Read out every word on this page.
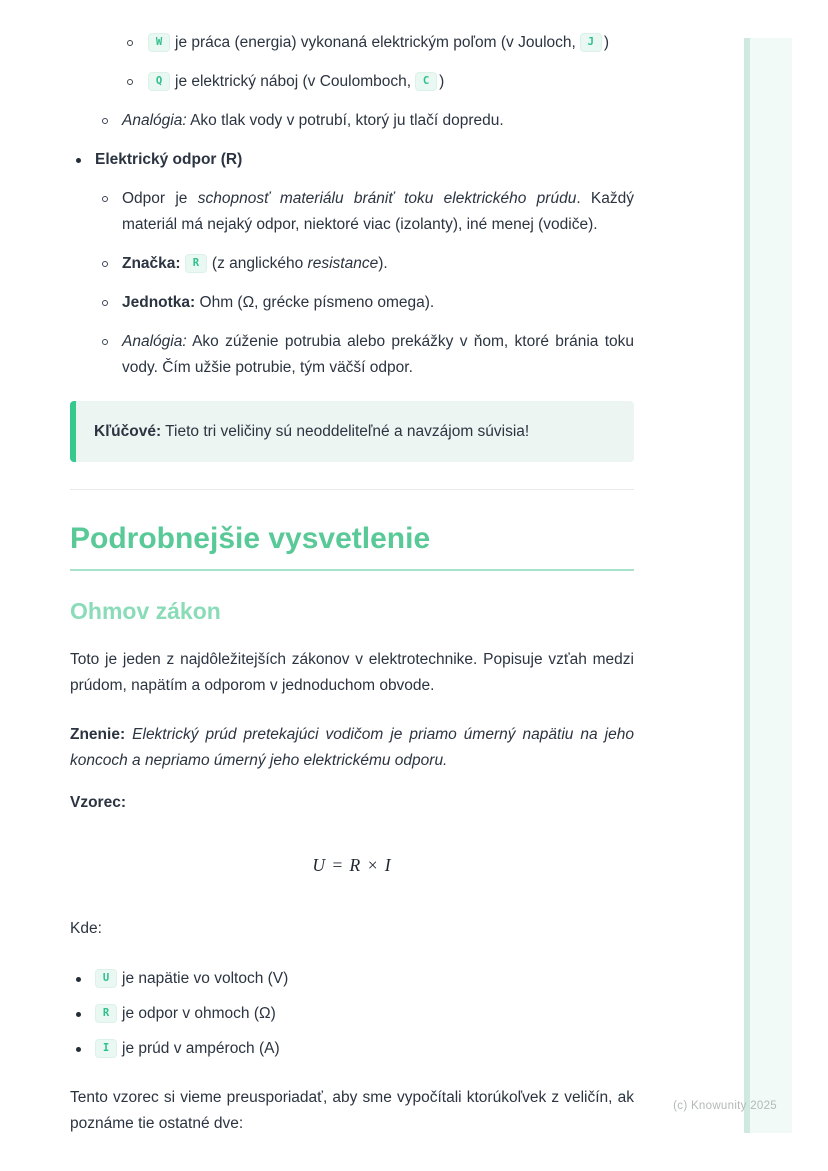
W je práca (energia) vykonaná elektrickým poľom (v Jouloch, J )
Q je elektrický náboj (v Coulomboch, C )
Analógia: Ako tlak vody v potrubí, ktorý ju tlačí dopredu.
Elektrický odpor (R)
Odpor je schopnosť materiálu brániť toku elektrického prúdu. Každý materiál má nejaký odpor, niektoré viac (izolanty), iné menej (vodiče).
Značka: R (z anglického resistance).
Jednotka: Ohm (Ω, grécke písmeno omega).
Analógia: Ako zúženie potrubia alebo prekážky v ňom, ktoré bránia toku vody. Čím užšie potrubie, tým väčší odpor.
Kľúčové: Tieto tri veličiny sú neoddeliteľné a navzájom súvisia!
Podrobnejšie vysvetlenie
Ohmov zákon

Toto je jeden z najdôležitejších zákonov v elektrotechnike. Popisuje vzťah medzi prúdom, napätím a odporom v jednoduchom obvode.

Znenie: Elektrický prúd pretekajúci vodičom je priamo úmerný napätiu na jeho koncoch a nepriamo úmerný jeho elektrickému odporu.

Vzorec:

U = R × I

Kde:

U je napätie vo voltoch (V)
R je odpor v ohmoch (Ω)
I je prúd v ampéroch (A)

Tento vzorec si vieme preusporiadať, aby sme vypočítali ktorúkoľvek z veličín, ak poznáme tie ostatné dve:

(c) Knowunity 2025
